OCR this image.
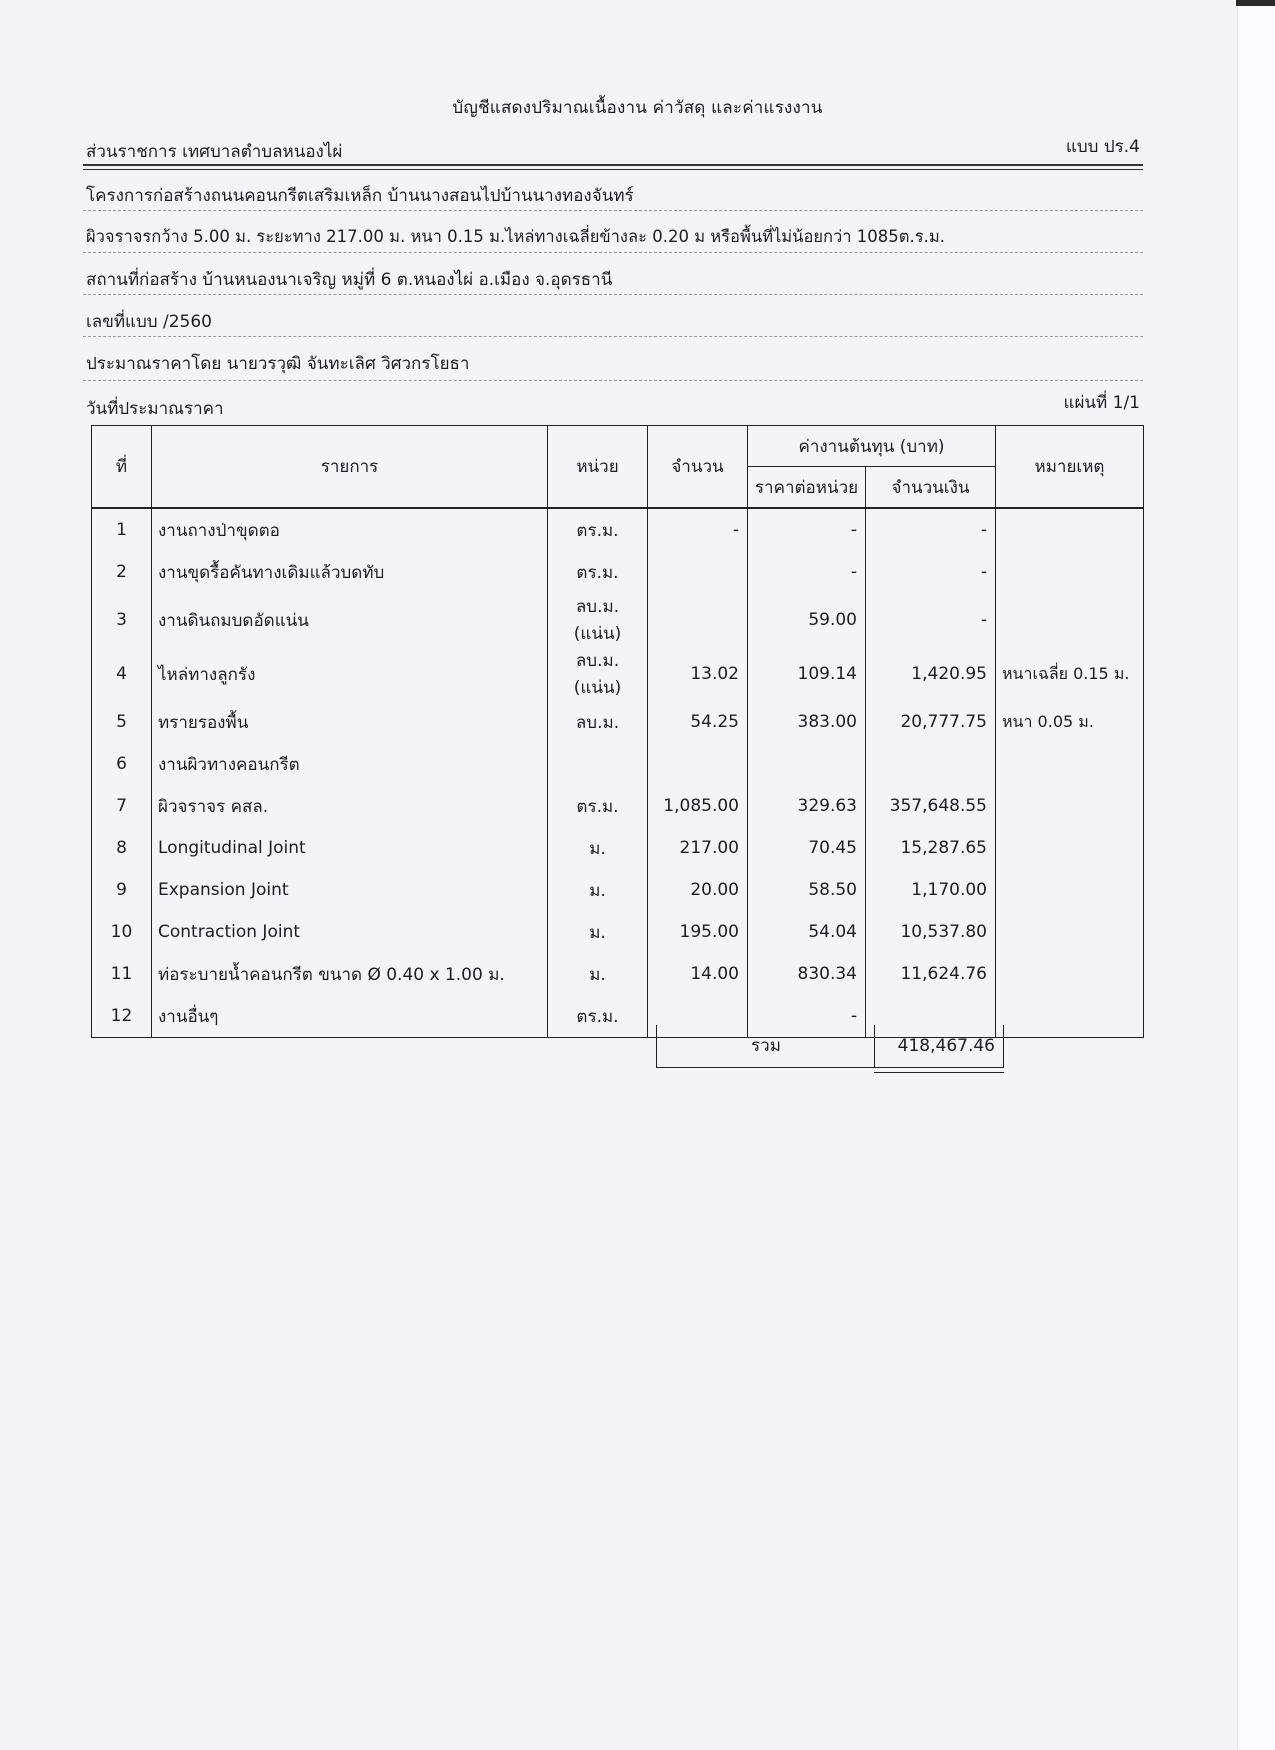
บัญชีแสดงปริมาณเนื้องาน ค่าวัสดุ และค่าแรงงาน
ส่วนราชการ เทศบาลตำบลหนองไผ่	แบบ ปร.4
โครงการก่อสร้างถนนคอนกรีตเสริมเหล็ก บ้านนางสอนไปบ้านนางทองจันทร์
ผิวจราจรกว้าง 5.00 ม. ระยะทาง 217.00 ม. หนา 0.15 ม.ไหล่ทางเฉลี่ยข้างละ 0.20 ม หรือพื้นที่ไม่น้อยกว่า 1085ต.ร.ม.
สถานที่ก่อสร้าง บ้านหนองนาเจริญ หมู่ที่ 6 ต.หนองไผ่ อ.เมือง จ.อุดรธานี
เลขที่แบบ /2560
ประมาณราคาโดย นายวรวุฒิ จันทะเลิศ วิศวกรโยธา
วันที่ประมาณราคา	แผ่นที่ 1/1
ที่	รายการ	หน่วย	จำนวน	ค่างานต้นทุน (บาท)		หมายเหตุ
				ราคาต่อหน่วย	จำนวนเงิน	
1	งานถางป่าขุดตอ	ตร.ม.	-	-	-	
2	งานขุดรื้อคันทางเดิมแล้วบดทับ	ตร.ม.		-	-	
3	งานดินถมบดอัดแน่น	ลบ.ม.(แน่น)		59.00	-	
4	ไหล่ทางลูกรัง	ลบ.ม.(แน่น)	13.02	109.14	1,420.95	หนาเฉลี่ย 0.15 ม.
5	ทรายรองพื้น	ลบ.ม.	54.25	383.00	20,777.75	หนา 0.05 ม.
6	งานผิวทางคอนกรีต					
7	ผิวจราจร คสล.	ตร.ม.	1,085.00	329.63	357,648.55	
8	Longitudinal Joint	ม.	217.00	70.45	15,287.65	
9	Expansion Joint	ม.	20.00	58.50	1,170.00	
10	Contraction Joint	ม.	195.00	54.04	10,537.80	
11	ท่อระบายน้ำคอนกรีต ขนาด Ø 0.40 x 1.00 ม.	ม.	14.00	830.34	11,624.76	
12	งานอื่นๆ	ตร.ม.		-		
รวม	418,467.46
